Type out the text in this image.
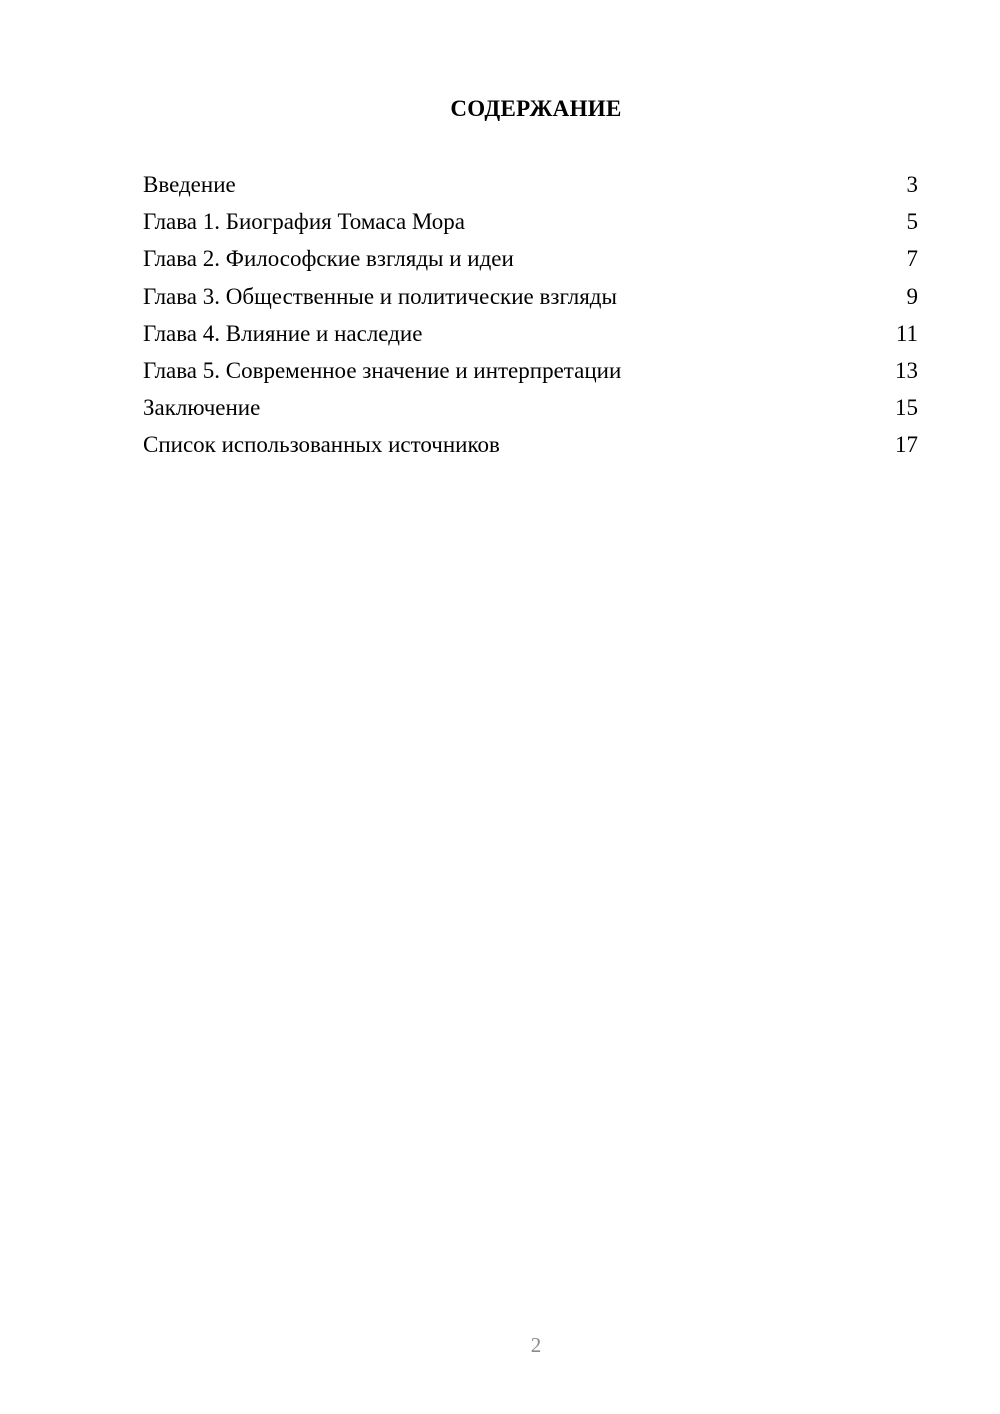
СОДЕРЖАНИЕ
Введение	3
Глава 1. Биография Томаса Мора	5
Глава 2. Философские взгляды и идеи	7
Глава 3. Общественные и политические взгляды	9
Глава 4. Влияние и наследие	11
Глава 5. Современное значение и интерпретации	13
Заключение	15
Список использованных источников	17
2
